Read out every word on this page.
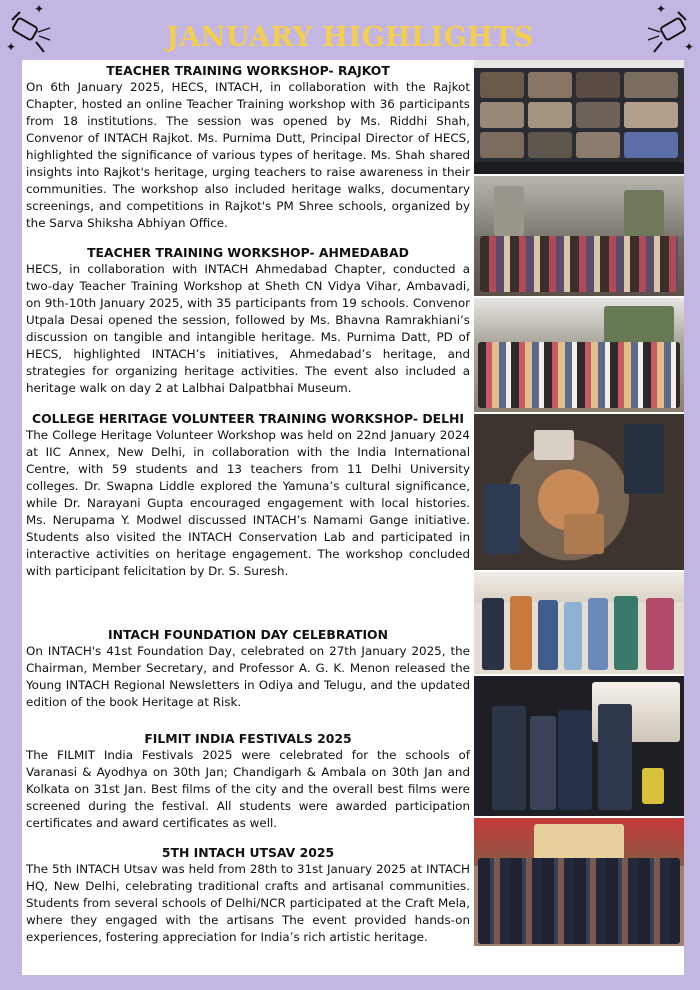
✦
✦
✦
✦
JANUARY HIGHLIGHTS
TEACHER TRAINING WORKSHOP- RAJKOT

On 6th January 2025, HECS, INTACH, in collaboration with the Rajkot Chapter, hosted an online Teacher Training workshop with 36 participants from 18 institutions. The session was opened by Ms. Riddhi Shah, Convenor of INTACH Rajkot. Ms. Purnima Dutt, Principal Director of HECS, highlighted the significance of various types of heritage. Ms. Shah shared insights into Rajkot's heritage, urging teachers to raise awareness in their communities. The workshop also included heritage walks, documentary screenings, and competitions in Rajkot's PM Shree schools, organized by the Sarva Shiksha Abhiyan Office.

TEACHER TRAINING WORKSHOP- AHMEDABAD

HECS, in collaboration with INTACH Ahmedabad Chapter, conducted a two-day Teacher Training Workshop at Sheth CN Vidya Vihar, Ambavadi, on 9th-10th January 2025, with 35 participants from 19 schools. Convenor Utpala Desai opened the session, followed by Ms. Bhavna Ramrakhiani’s discussion on tangible and intangible heritage. Ms. Purnima Datt, PD of HECS, highlighted INTACH’s initiatives, Ahmedabad’s heritage, and strategies for organizing heritage activities. The event also included a heritage walk on day 2 at Lalbhai Dalpatbhai Museum.

COLLEGE HERITAGE VOLUNTEER TRAINING WORKSHOP- DELHI

The College Heritage Volunteer Workshop was held on 22nd January 2024 at IIC Annex, New Delhi, in collaboration with the India International Centre, with 59 students and 13 teachers from 11 Delhi University colleges. Dr. Swapna Liddle explored the Yamuna’s cultural significance, while Dr. Narayani Gupta encouraged engagement with local histories. Ms. Nerupama Y. Modwel discussed INTACH’s Namami Gange initiative. Students also visited the INTACH Conservation Lab and participated in interactive activities on heritage engagement. The workshop concluded with participant felicitation by Dr. S. Suresh.

INTACH FOUNDATION DAY CELEBRATION

On INTACH's 41st Foundation Day, celebrated on 27th January 2025, the Chairman, Member Secretary, and Professor A. G. K. Menon released the Young INTACH Regional Newsletters in Odiya and Telugu, and the updated edition of the book Heritage at Risk.

FILMIT INDIA FESTIVALS 2025

The FILMIT India Festivals 2025 were celebrated for the schools of Varanasi & Ayodhya on 30th Jan; Chandigarh & Ambala on 30th Jan and Kolkata on 31st Jan. Best films of the city and the overall best films were screened during the festival. All students were awarded participation certificates and award certificates as well.

5TH INTACH UTSAV 2025

The 5th INTACH Utsav was held from 28th to 31st January 2025 at INTACH HQ, New Delhi, celebrating traditional crafts and artisanal communities. Students from several schools of Delhi/NCR participated at the Craft Mela, where they engaged with the artisans The event provided hands-on experiences, fostering appreciation for India’s rich artistic heritage.
